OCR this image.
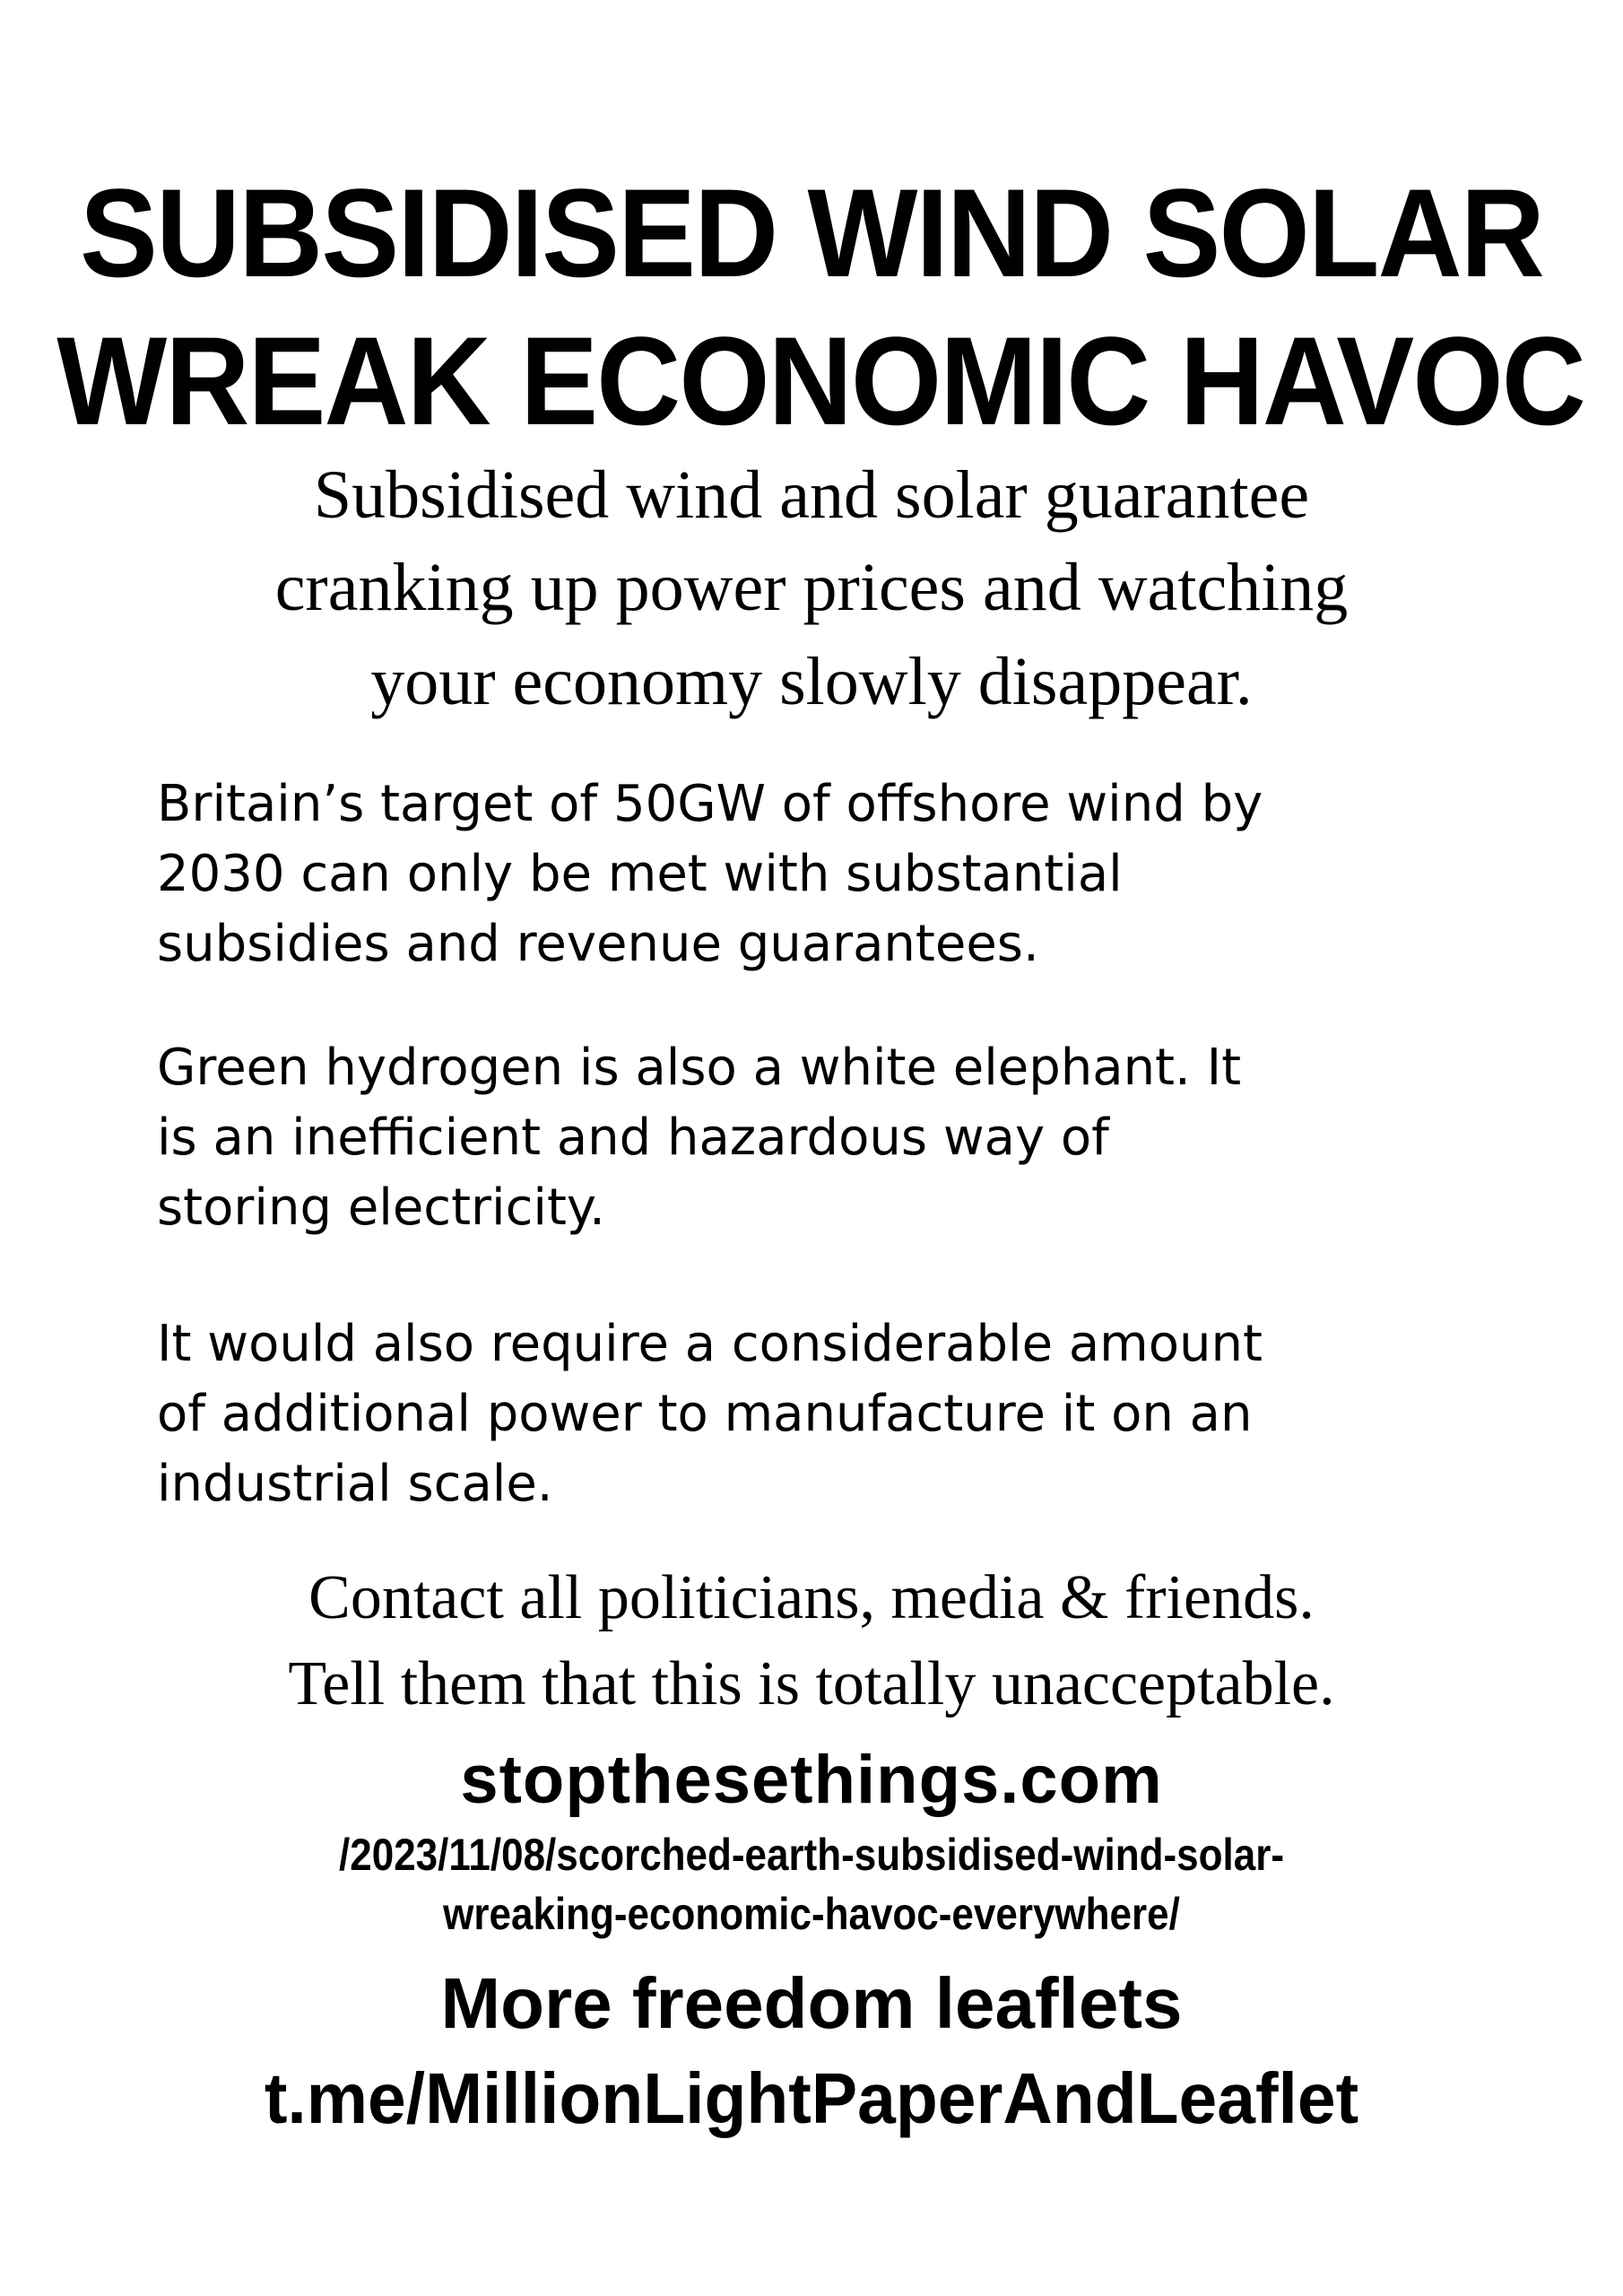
SUBSIDISED WIND SOLAR

WREAK ECONOMIC HAVOC

Subsidised wind and solar guarantee

cranking up power prices and watching

your economy slowly disappear.

Britain’s target of 50GW of offshore wind by

2030 can only be met with substantial

subsidies and revenue guarantees.

Green hydrogen is also a white elephant. It

is an inefficient and hazardous way of

storing electricity.

It would also require a considerable amount

of additional power to manufacture it on an

industrial scale.

Contact all politicians, media & friends.

Tell them that this is totally unacceptable.

stopthesethings.com

/2023/11/08/scorched-earth-subsidised-wind-solar-

wreaking-economic-havoc-everywhere/

More freedom leaflets

t.me/MillionLightPaperAndLeaflet
